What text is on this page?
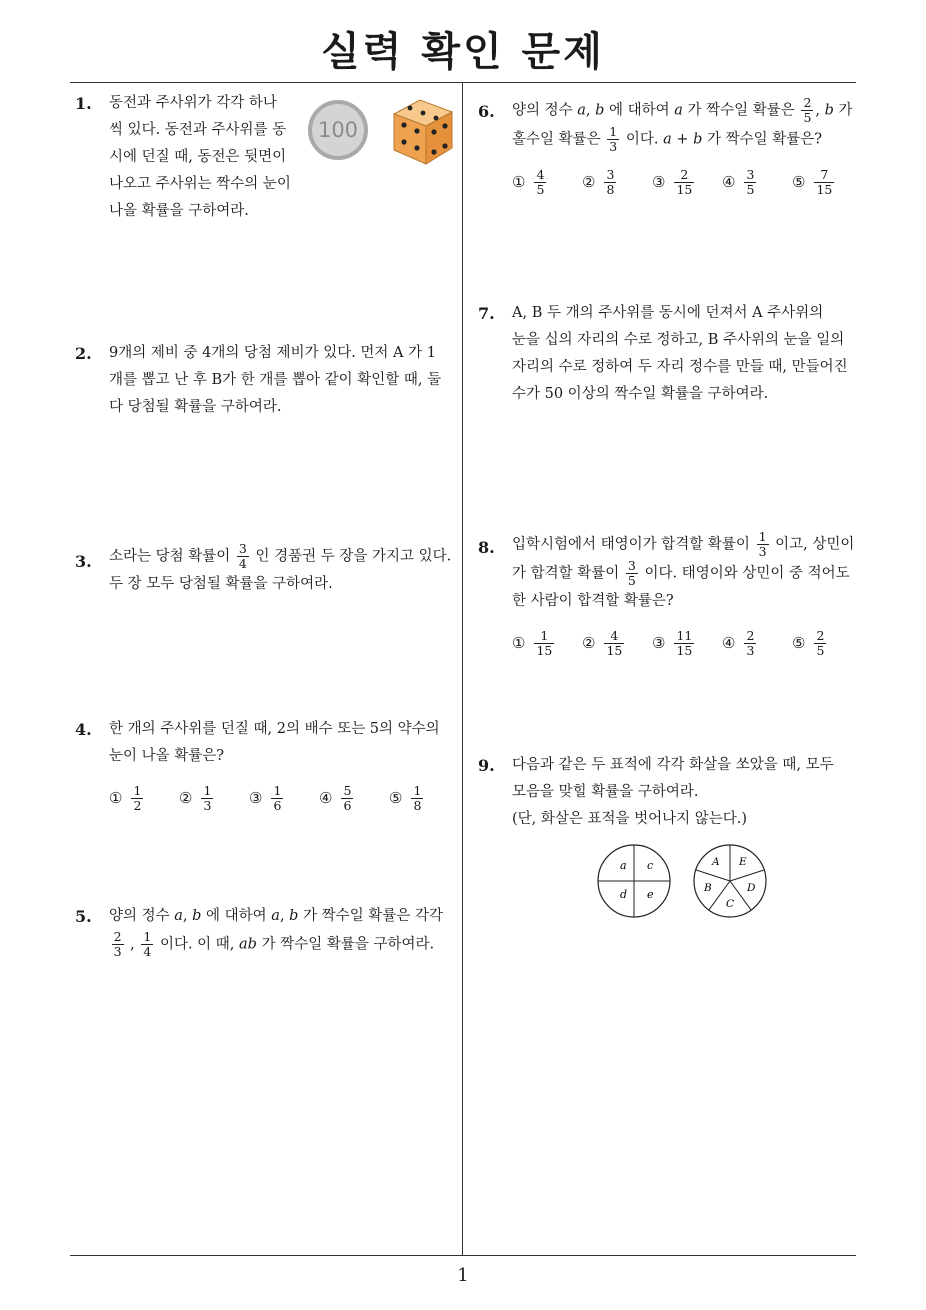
실력 확인 문제
1
1. 동전과 주사위가 각각 하나
씩 있다. 동전과 주사위를 동
시에 던질 때, 동전은 뒷면이
나오고 주사위는 짝수의 눈이
나올 확률을 구하여라.
100
2. 9개의 제비 중 4개의 당첨 제비가 있다. 먼저 A 가 1
개를 뽑고 난 후 B가 한 개를 뽑아 같이 확인할 때, 둘
다 당첨될 확률을 구하여라.
3. 소라는 당첨 확률이 $\frac{3}{4}$ 인 경품권 두 장을 가지고 있다.
두 장 모두 당첨될 확률을 구하여라.
4. 한 개의 주사위를 던질 때, 2의 배수 또는 5의 약수의
눈이 나올 확률은?
① $\frac{1}{2}$ ② $\frac{1}{3}$ ③ $\frac{1}{6}$ ④ $\frac{5}{6}$ ⑤ $\frac{1}{8}$
5. 양의 정수 a, b 에 대하여 a, b 가 짝수일 확률은 각각

$\frac{2}{3}$ , $\frac{1}{4}$ 이다. 이 때, ab 가 짝수일 확률을 구하여라.
6. 양의 정수 a, b 에 대하여 a 가 짝수일 확률은 $\frac{2}{5}$ , b 가
홀수일 확률은 $\frac{1}{3}$ 이다. a + b 가 짝수일 확률은?
① $\frac{4}{5}$ ② $\frac{3}{8}$ ③ $\frac{2}{15}$ ④ $\frac{3}{5}$ ⑤ $\frac{7}{15}$
7. A, B 두 개의 주사위를 동시에 던져서 A 주사위의
눈을 십의 자리의 수로 정하고, B 주사위의 눈을 일의
자리의 수로 정하여 두 자리 정수를 만들 때, 만들어진
수가 50 이상의 짝수일 확률을 구하여라.
8. 입학시험에서 태영이가 합격할 확률이 $\frac{1}{3}$ 이고, 상민이
가 합격할 확률이 $\frac{3}{5}$ 이다. 태영이와 상민이 중 적어도
한 사람이 합격할 확률은?
① $\frac{1}{15}$ ② $\frac{4}{15}$ ③ $\frac{11}{15}$ ④ $\frac{2}{3}$ ⑤ $\frac{2}{5}$
9. 다음과 같은 두 표적에 각각 화살을 쏘았을 때, 모두
모음을 맞힐 확률을 구하여라.
(단, 화살은 표적을 벗어나지 않는다.)
a c
d e
A E
B	D
C
